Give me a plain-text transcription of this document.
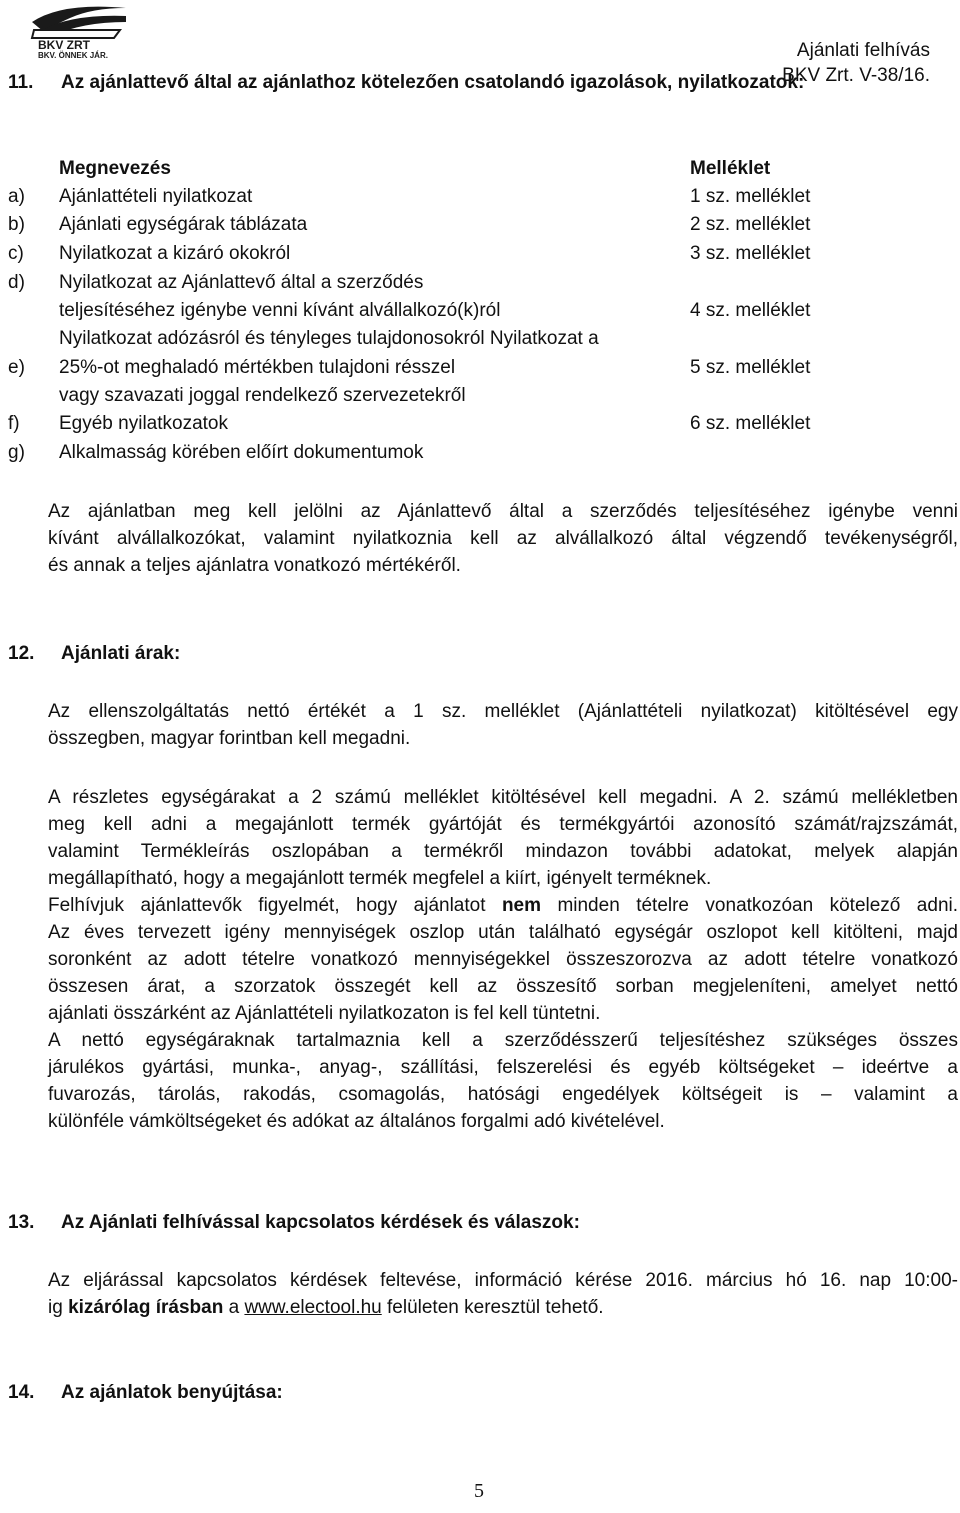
BKV ZRT
BKV. ÖNNEK JÁR.	Ajánlati felhívás
BKV Zrt. V-38/16.
11. Az ajánlattevő által az ajánlathoz kötelezően csatolandó igazolások, nyilatkozatok:
Megnevezés	Melléklet
a) Ajánlattételi nyilatkozat	1 sz. melléklet
b) Ajánlati egységárak táblázata	2 sz. melléklet
c) Nyilatkozat a kizáró okokról	3 sz. melléklet
d) Nyilatkozat az Ajánlattevő által a szerződés
teljesítéséhez igénybe venni kívánt alvállalkozó(k)ról	4 sz. melléklet
Nyilatkozat adózásról és tényleges tulajdonosokról Nyilatkozat a
e) 25%-ot meghaladó mértékben tulajdoni résszel	5 sz. melléklet
vagy szavazati joggal rendelkező szervezetekről
f) Egyéb nyilatkozatok	6 sz. melléklet
g) Alkalmasság körében előírt dokumentumok
Az ajánlatban meg kell jelölni az Ajánlattevő által a szerződés teljesítéséhez igénybe venni
kívánt alvállalkozókat, valamint nyilatkoznia kell az alvállalkozó által végzendő tevékenységről,
és annak a teljes ajánlatra vonatkozó mértékéről.
12. Ajánlati árak:
Az ellenszolgáltatás nettó értékét a 1 sz. melléklet (Ajánlattételi nyilatkozat) kitöltésével egy
összegben, magyar forintban kell megadni.
A részletes egységárakat a 2 számú melléklet kitöltésével kell megadni. A 2. számú mellékletben
meg kell adni a megajánlott termék gyártóját és termékgyártói azonosító számát/rajzszámát,
valamint Termékleírás oszlopában a termékről mindazon további adatokat, melyek alapján
megállapítható, hogy a megajánlott termék megfelel a kiírt, igényelt terméknek.
Felhívjuk ajánlattevők figyelmét, hogy ajánlatot nem minden tételre vonatkozóan kötelező adni.
Az éves tervezett igény mennyiségek oszlop után található egységár oszlopot kell kitölteni, majd
soronként az adott tételre vonatkozó mennyiségekkel összeszorozva az adott tételre vonatkozó
összesen árat, a szorzatok összegét kell az összesítő sorban megjeleníteni, amelyet nettó
ajánlati összárként az Ajánlattételi nyilatkozaton is fel kell tüntetni.
A nettó egységáraknak tartalmaznia kell a szerződésszerű teljesítéshez szükséges összes
járulékos gyártási, munka-, anyag-, szállítási, felszerelési és egyéb költségeket – ideértve a
fuvarozás, tárolás, rakodás, csomagolás, hatósági engedélyek költségeit is – valamint a
különféle vámköltségeket és adókat az általános forgalmi adó kivételével.
13. Az Ajánlati felhívással kapcsolatos kérdések és válaszok:
Az eljárással kapcsolatos kérdések feltevése, információ kérése 2016. március hó 16. nap 10:00-
ig kizárólag írásban a www.electool.hu felületen keresztül tehető.
14. Az ajánlatok benyújtása:
5
